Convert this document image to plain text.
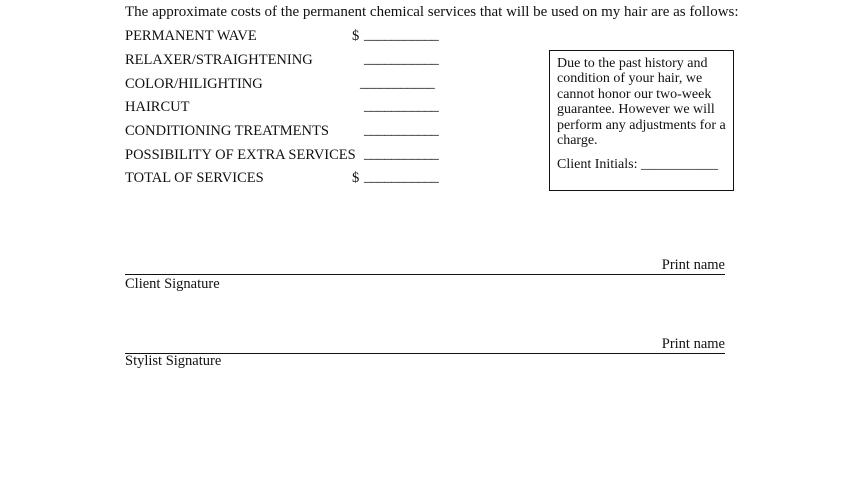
The approximate costs of the permanent chemical services that will be used on my hair are as follows:
PERMANENT WAVE	$ ___________
RELAXER/STRAIGHTENING	___________
COLOR/HILIGHTING	___________
HAIRCUT	___________
CONDITIONING TREATMENTS ___________
POSSIBILITY OF EXTRA SERVICES ___________
TOTAL OF SERVICES	$ ___________

Due to the past history and condition of your hair, we cannot honor our two-week guarantee. However we will perform any adjustments for a charge.

Client Initials: ___________

Print name
Client Signature
Print name
Stylist Signature
